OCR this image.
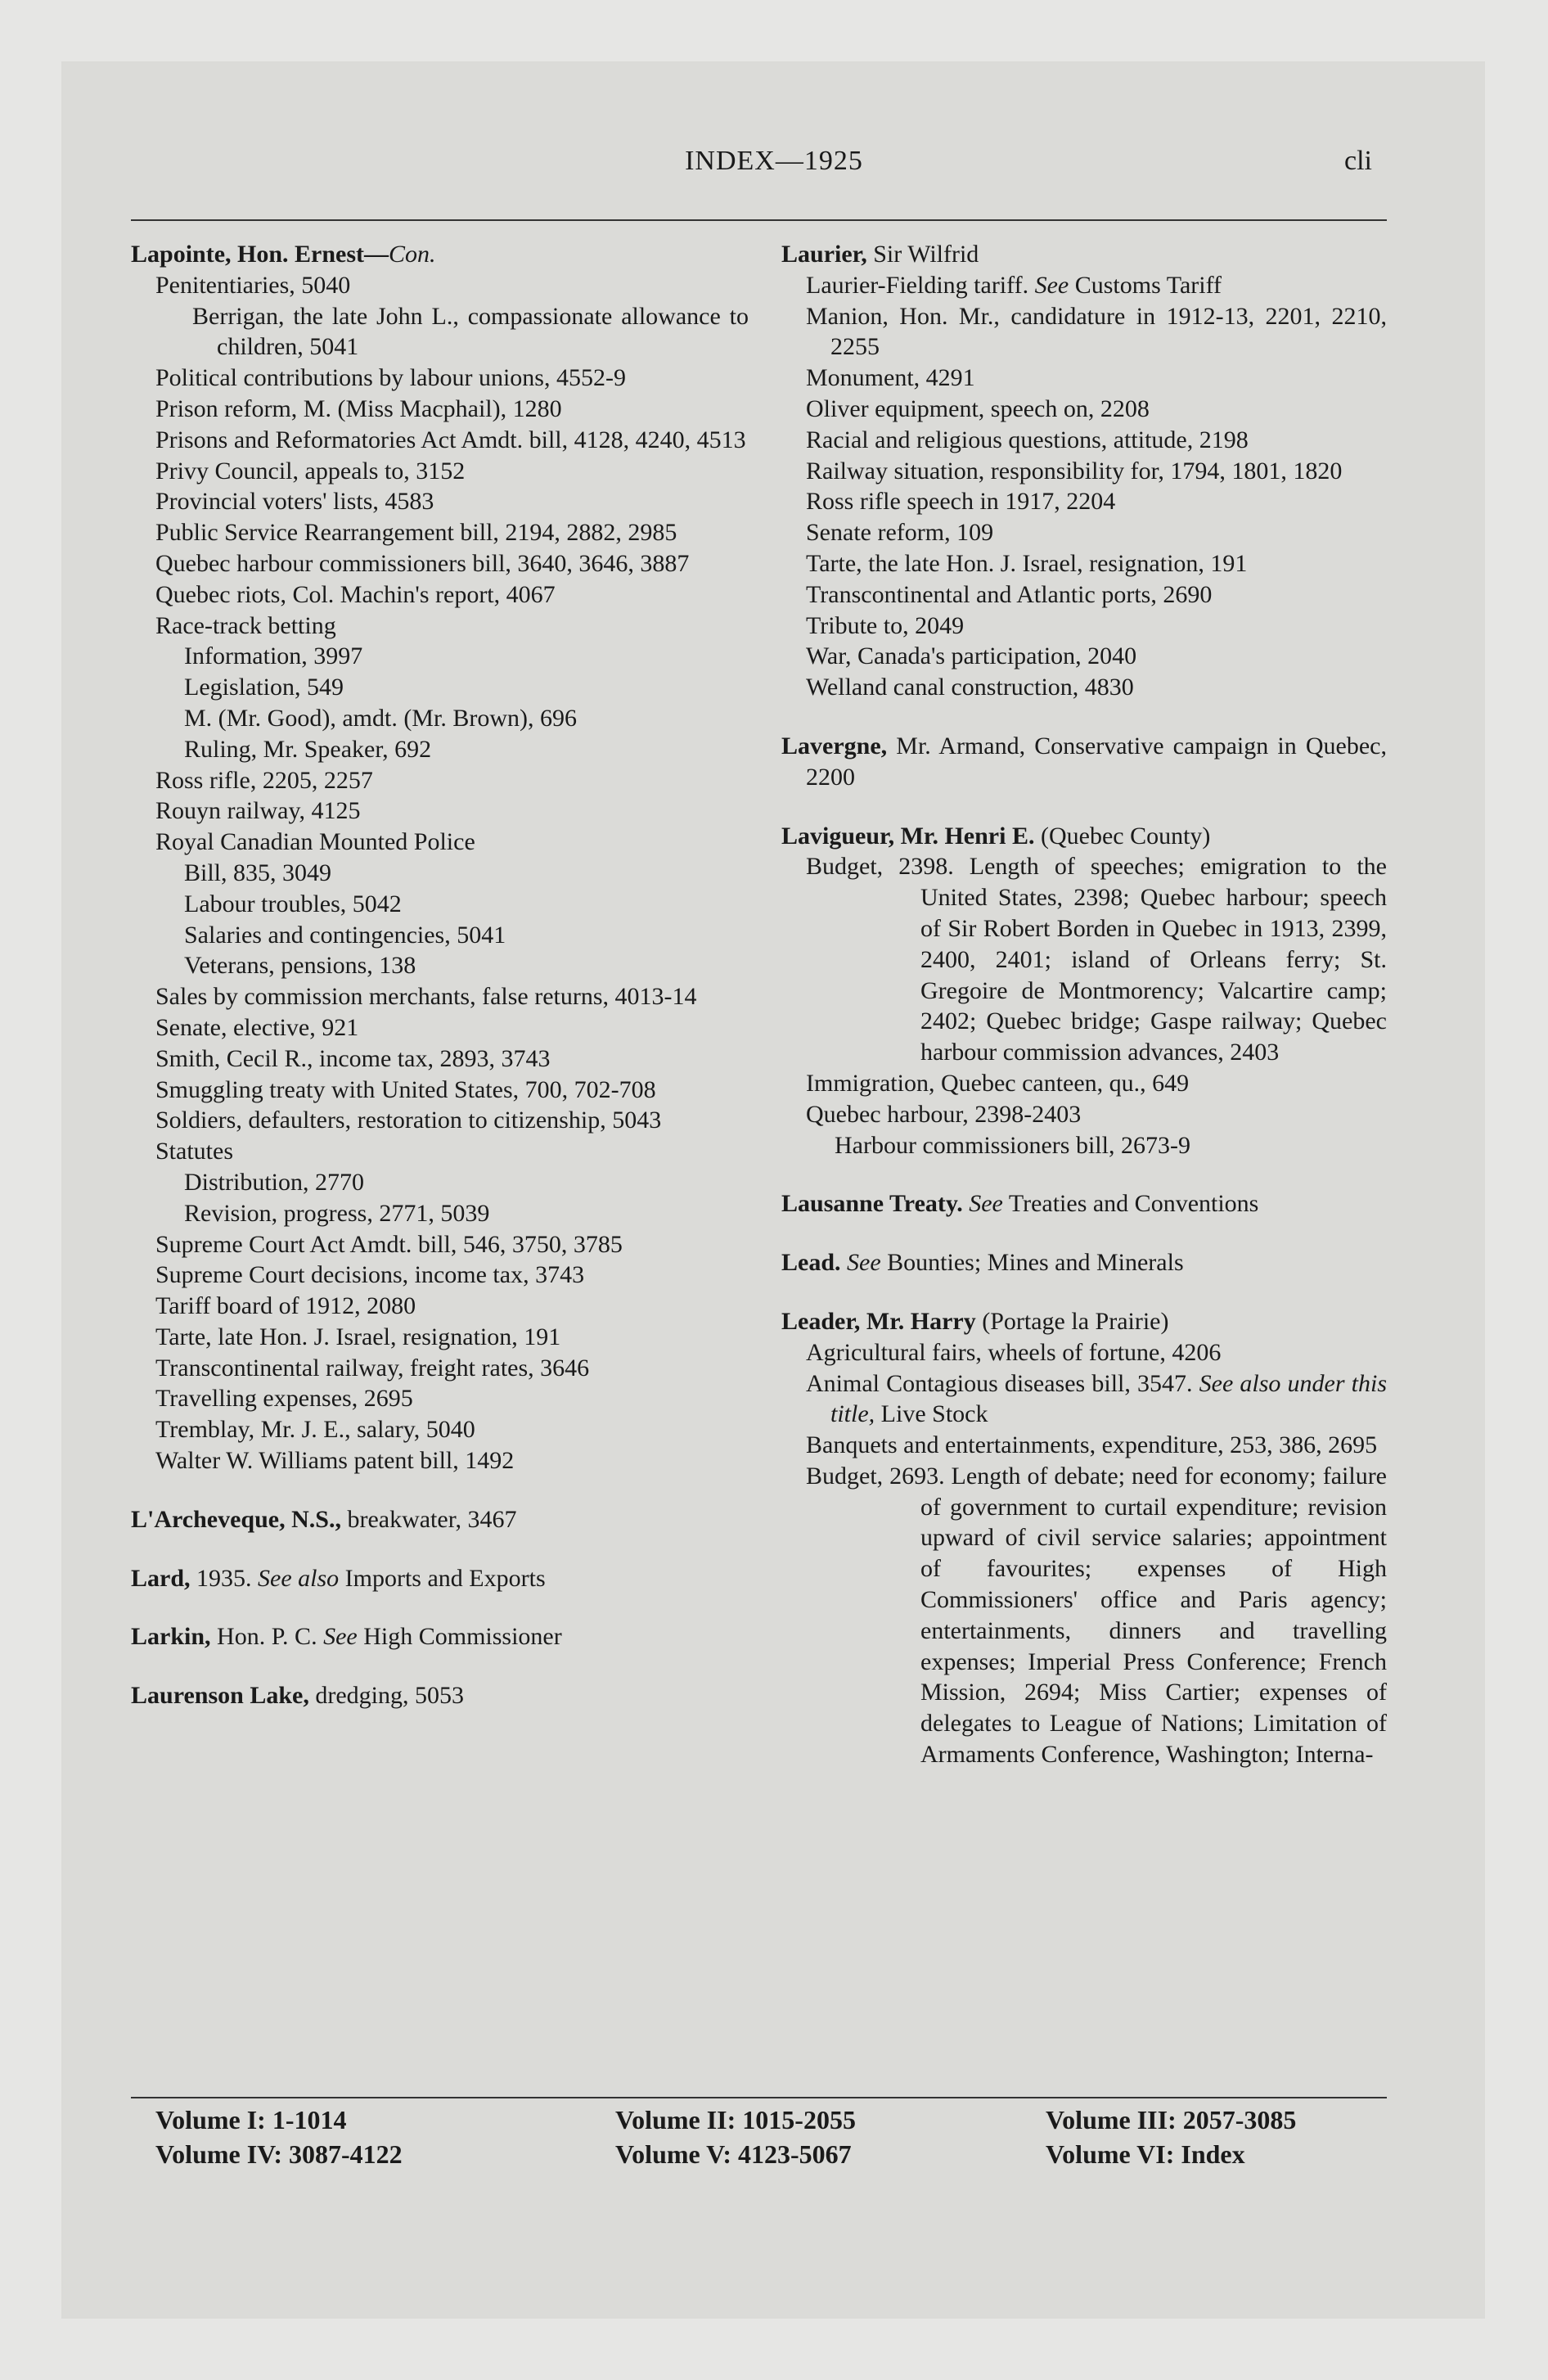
INDEX—1925	cli
Lapointe, Hon. Ernest—Con.
Penitentiaries, 5040
Berrigan, the late John L., compassionate allowance to children, 5041
Political contributions by labour unions, 4552-9
Prison reform, M. (Miss Macphail), 1280
Prisons and Reformatories Act Amdt. bill, 4128, 4240, 4513
Privy Council, appeals to, 3152
Provincial voters' lists, 4583
Public Service Rearrangement bill, 2194, 2882, 2985
Quebec harbour commissioners bill, 3640, 3646, 3887
Quebec riots, Col. Machin's report, 4067
Race-track betting
Information, 3997
Legislation, 549
M. (Mr. Good), amdt. (Mr. Brown), 696
Ruling, Mr. Speaker, 692
Ross rifle, 2205, 2257
Rouyn railway, 4125
Royal Canadian Mounted Police
Bill, 835, 3049
Labour troubles, 5042
Salaries and contingencies, 5041
Veterans, pensions, 138
Sales by commission merchants, false returns, 4013-14
Senate, elective, 921
Smith, Cecil R., income tax, 2893, 3743
Smuggling treaty with United States, 700, 702-708
Soldiers, defaulters, restoration to citizenship, 5043
Statutes
Distribution, 2770
Revision, progress, 2771, 5039
Supreme Court Act Amdt. bill, 546, 3750, 3785
Supreme Court decisions, income tax, 3743
Tariff board of 1912, 2080
Tarte, late Hon. J. Israel, resignation, 191
Transcontinental railway, freight rates, 3646
Travelling expenses, 2695
Tremblay, Mr. J. E., salary, 5040
Walter W. Williams patent bill, 1492
L'Archeveque, N.S., breakwater, 3467
Lard, 1935. See also Imports and Exports
Larkin, Hon. P. C. See High Commissioner
Laurenson Lake, dredging, 5053
Laurier, Sir Wilfrid
Laurier-Fielding tariff. See Customs Tariff
Manion, Hon. Mr., candidature in 1912-13, 2201, 2210, 2255
Monument, 4291
Oliver equipment, speech on, 2208
Racial and religious questions, attitude, 2198
Railway situation, responsibility for, 1794, 1801, 1820
Ross rifle speech in 1917, 2204
Senate reform, 109
Tarte, the late Hon. J. Israel, resignation, 191
Transcontinental and Atlantic ports, 2690
Tribute to, 2049
War, Canada's participation, 2040
Welland canal construction, 4830
Lavergne, Mr. Armand, Conservative campaign in Quebec, 2200
Lavigueur, Mr. Henri E. (Quebec County)
Budget, 2398. Length of speeches; emigration to the United States, 2398; Quebec harbour; speech of Sir Robert Borden in Quebec in 1913, 2399, 2400, 2401; island of Orleans ferry; St. Gregoire de Montmorency; Valcartire camp; 2402; Quebec bridge; Gaspe railway; Quebec harbour commission advances, 2403
Immigration, Quebec canteen, qu., 649
Quebec harbour, 2398-2403
Harbour commissioners bill, 2673-9
Lausanne Treaty. See Treaties and Conventions
Lead. See Bounties; Mines and Minerals
Leader, Mr. Harry (Portage la Prairie)
Agricultural fairs, wheels of fortune, 4206
Animal Contagious diseases bill, 3547. See also under this title, Live Stock
Banquets and entertainments, expenditure, 253, 386, 2695
Budget, 2693. Length of debate; need for economy; failure of government to curtail expenditure; revision upward of civil service salaries; appointment of favourites; expenses of High Commissioners' office and Paris agency; entertainments, dinners and travelling expenses; Imperial Press Conference; French Mission, 2694; Miss Cartier; expenses of delegates to League of Nations; Limitation of Armaments Conference, Washington; Interna-
Volume I: 1-1014
Volume IV: 3087-4122
Volume II: 1015-2055
Volume V: 4123-5067
Volume III: 2057-3085
Volume VI: Index
